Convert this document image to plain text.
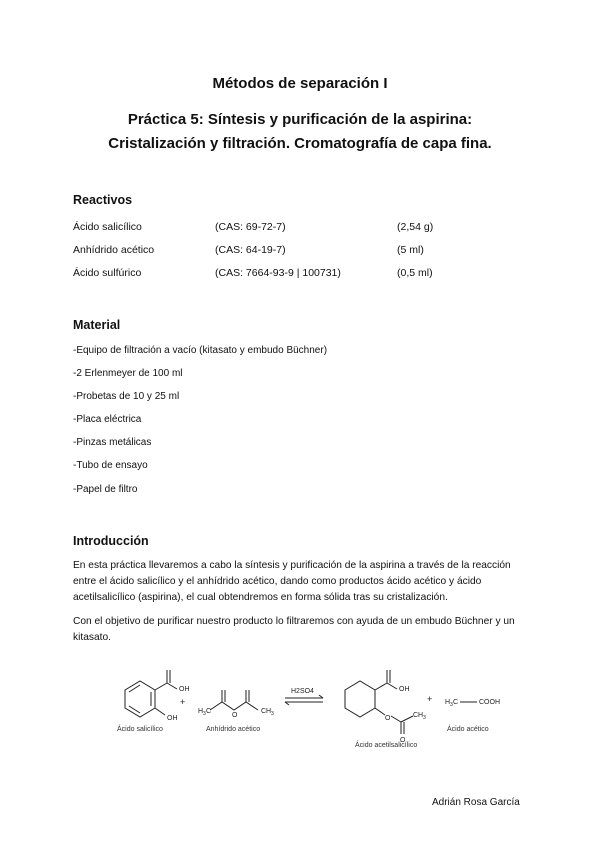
Métodos de separación I
Práctica 5: Síntesis y purificación de la aspirina:
Cristalización y filtración. Cromatografía de capa fina.
Reactivos
Ácido salicílico	(CAS: 69-72-7)	(2,54 g)
Anhídrido acético	(CAS: 64-19-7)	(5 ml)
Ácido sulfúrico	(CAS: 7664-93-9 | 100731)	(0,5 ml)
Material
-Equipo de filtración a vacío (kitasato y embudo Büchner)
-2 Erlenmeyer de 100 ml
-Probetas de 10 y 25 ml
-Placa eléctrica
-Pinzas metálicas
-Tubo de ensayo
-Papel de filtro
Introducción
En esta práctica llevaremos a cabo la síntesis y purificación de la aspirina a través de la reacción entre el ácido salicílico y el anhídrido acético, dando como productos ácido acético y ácido acetilsalicílico (aspirina), el cual obtendremos en forma sólida tras su cristalización.
Con el objetivo de purificar nuestro producto lo filtraremos con ayuda de un embudo Büchner y un kitasato.
OH
OH
H 3 C
O
CH 3
OH
O	CH 3
O
H 3 C	COOH
+	+
H2SO4
Ácido salicílico	Anhídrido acético
Ácido acetilsalicílico
Ácido acético
Adrián Rosa García
